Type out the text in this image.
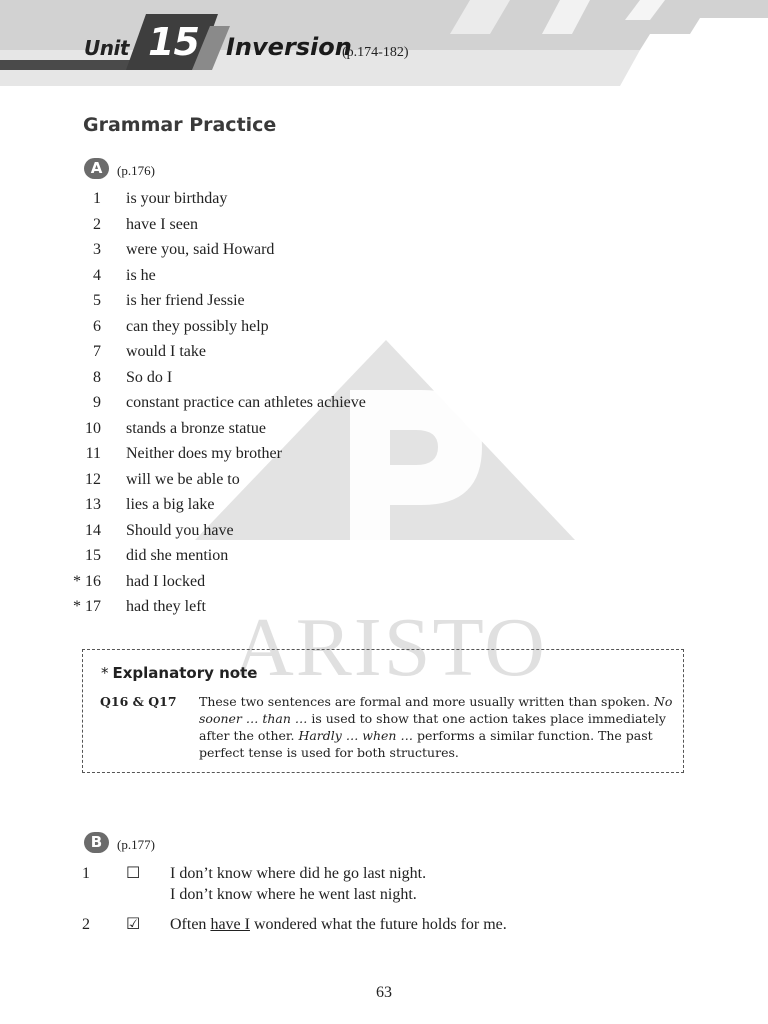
Unit 15 Inversion
(p.174-182)
ARISTO
Grammar Practice
A	(p.176)
1 is your birthday
2 have I seen
3 were you, said Howard
4 is he
5 is her friend Jessie
6 can they possibly help
7 would I take
8 So do I
9 constant practice can athletes achieve
10 stands a bronze statue
11 Neither does my brother
12 will we be able to
13 lies a big lake
14 Should you have
15 did she mention
* 16 had I locked
* 17 had they left
* Explanatory note
Q16 & Q17 These two sentences are formal and more usually written than spoken. No sooner … than … is used to show that one action takes place immediately after the other. Hardly … when … performs a similar function. The past perfect tense is used for both structures.
B	(p.177)
1 ☐ I don’t know where did he go last night.
I don’t know where he went last night.
2 ☑ Often have I wondered what the future holds for me.
63
